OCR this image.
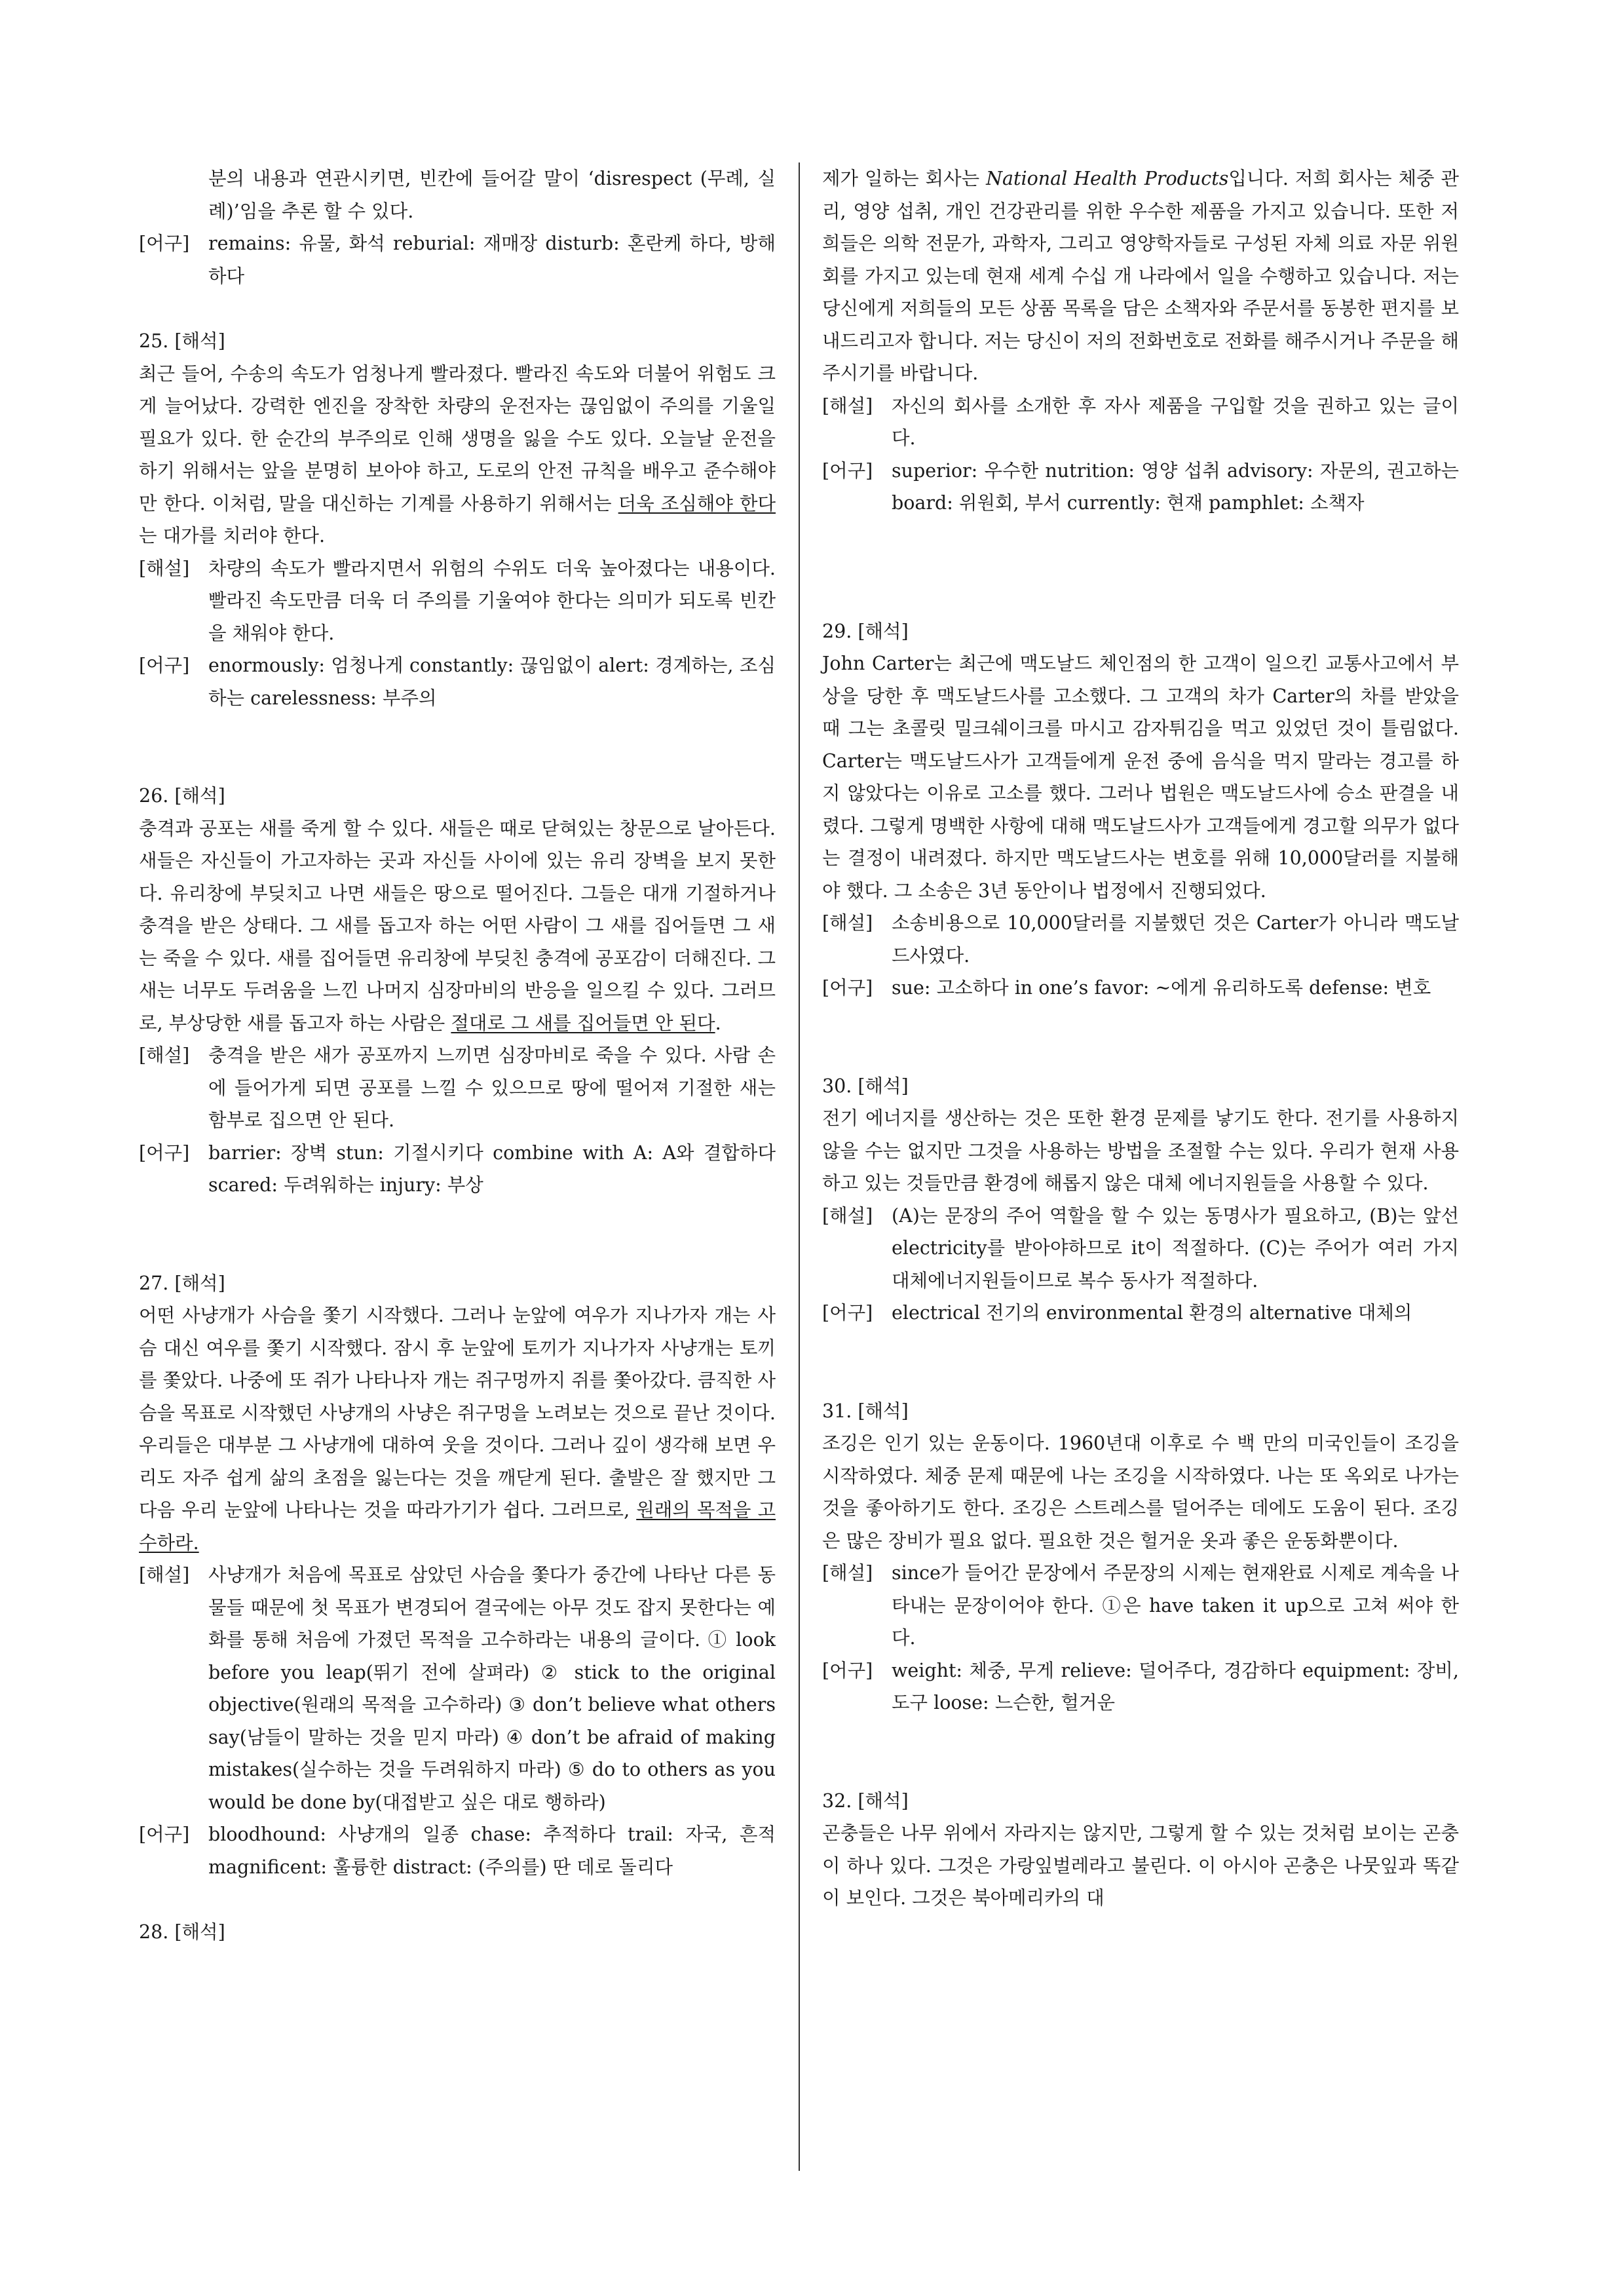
분의 내용과 연관시키면, 빈칸에 들어갈 말이 ‘disrespect (무례, 실례)’임을 추론 할 수 있다.
[어구] remains: 유물, 화석 reburial: 재매장 disturb: 혼란케 하다, 방해하다
25. [해석]
최근 들어, 수송의 속도가 엄청나게 빨라졌다. 빨라진 속도와 더불어 위험도 크게 늘어났다. 강력한 엔진을 장착한 차량의 운전자는 끊임없이 주의를 기울일 필요가 있다. 한 순간의 부주의로 인해 생명을 잃을 수도 있다. 오늘날 운전을 하기 위해서는 앞을 분명히 보아야 하고, 도로의 안전 규칙을 배우고 준수해야만 한다. 이처럼, 말을 대신하는 기계를 사용하기 위해서는 더욱 조심해야 한다는 대가를 치러야 한다.
[해설] 차량의 속도가 빨라지면서 위험의 수위도 더욱 높아졌다는 내용이다. 빨라진 속도만큼 더욱 더 주의를 기울여야 한다는 의미가 되도록 빈칸을 채워야 한다.
[어구] enormously: 엄청나게 constantly: 끊임없이 alert: 경계하는, 조심하는 carelessness: 부주의
26. [해석]
충격과 공포는 새를 죽게 할 수 있다. 새들은 때로 닫혀있는 창문으로 날아든다. 새들은 자신들이 가고자하는 곳과 자신들 사이에 있는 유리 장벽을 보지 못한다. 유리창에 부딪치고 나면 새들은 땅으로 떨어진다. 그들은 대개 기절하거나 충격을 받은 상태다. 그 새를 돕고자 하는 어떤 사람이 그 새를 집어들면 그 새는 죽을 수 있다. 새를 집어들면 유리창에 부딪친 충격에 공포감이 더해진다. 그 새는 너무도 두려움을 느낀 나머지 심장마비의 반응을 일으킬 수 있다. 그러므로, 부상당한 새를 돕고자 하는 사람은 절대로 그 새를 집어들면 안 된다.
[해설] 충격을 받은 새가 공포까지 느끼면 심장마비로 죽을 수 있다. 사람 손에 들어가게 되면 공포를 느낄 수 있으므로 땅에 떨어져 기절한 새는 함부로 집으면 안 된다.
[어구] barrier: 장벽 stun: 기절시키다 combine with A: A와 결합하다 scared: 두려워하는 injury: 부상
27. [해석]
어떤 사냥개가 사슴을 쫓기 시작했다. 그러나 눈앞에 여우가 지나가자 개는 사슴 대신 여우를 쫓기 시작했다. 잠시 후 눈앞에 토끼가 지나가자 사냥개는 토끼를 쫓았다. 나중에 또 쥐가 나타나자 개는 쥐구멍까지 쥐를 쫓아갔다. 큼직한 사슴을 목표로 시작했던 사냥개의 사냥은 쥐구멍을 노려보는 것으로 끝난 것이다. 우리들은 대부분 그 사냥개에 대하여 웃을 것이다. 그러나 깊이 생각해 보면 우리도 자주 쉽게 삶의 초점을 잃는다는 것을 깨닫게 된다. 출발은 잘 했지만 그 다음 우리 눈앞에 나타나는 것을 따라가기가 쉽다. 그러므로, 원래의 목적을 고수하라.
[해설] 사냥개가 처음에 목표로 삼았던 사슴을 쫓다가 중간에 나타난 다른 동물들 때문에 첫 목표가 변경되어 결국에는 아무 것도 잡지 못한다는 예화를 통해 처음에 가졌던 목적을 고수하라는 내용의 글이다. ① look before you leap(뛰기 전에 살펴라) ② stick to the original objective(원래의 목적을 고수하라) ③ don’t believe what others say(남들이 말하는 것을 믿지 마라) ④ don’t be afraid of making mistakes(실수하는 것을 두려워하지 마라) ⑤ do to others as you would be done by(대접받고 싶은 대로 행하라)
[어구] bloodhound: 사냥개의 일종 chase: 추적하다 trail: 자국, 흔적 magnificent: 훌륭한 distract: (주의를) 딴 데로 돌리다
28. [해석]
제가 일하는 회사는 National Health Products입니다. 저희 회사는 체중 관리, 영양 섭취, 개인 건강관리를 위한 우수한 제품을 가지고 있습니다. 또한 저희들은 의학 전문가, 과학자, 그리고 영양학자들로 구성된 자체 의료 자문 위원회를 가지고 있는데 현재 세계 수십 개 나라에서 일을 수행하고 있습니다. 저는 당신에게 저희들의 모든 상품 목록을 담은 소책자와 주문서를 동봉한 편지를 보내드리고자 합니다. 저는 당신이 저의 전화번호로 전화를 해주시거나 주문을 해주시기를 바랍니다.
[해설] 자신의 회사를 소개한 후 자사 제품을 구입할 것을 권하고 있는 글이다.
[어구] superior: 우수한 nutrition: 영양 섭취 advisory: 자문의, 권고하는 board: 위원회, 부서 currently: 현재 pamphlet: 소책자
29. [해석]
John Carter는 최근에 맥도날드 체인점의 한 고객이 일으킨 교통사고에서 부상을 당한 후 맥도날드사를 고소했다. 그 고객의 차가 Carter의 차를 받았을 때 그는 초콜릿 밀크쉐이크를 마시고 감자튀김을 먹고 있었던 것이 틀림없다. Carter는 맥도날드사가 고객들에게 운전 중에 음식을 먹지 말라는 경고를 하지 않았다는 이유로 고소를 했다. 그러나 법원은 맥도날드사에 승소 판결을 내렸다. 그렇게 명백한 사항에 대해 맥도날드사가 고객들에게 경고할 의무가 없다는 결정이 내려졌다. 하지만 맥도날드사는 변호를 위해 10,000달러를 지불해야 했다. 그 소송은 3년 동안이나 법정에서 진행되었다.
[해설] 소송비용으로 10,000달러를 지불했던 것은 Carter가 아니라 맥도날드사였다.
[어구] sue: 고소하다 in one’s favor: ~에게 유리하도록 defense: 변호
30. [해석]
전기 에너지를 생산하는 것은 또한 환경 문제를 낳기도 한다. 전기를 사용하지 않을 수는 없지만 그것을 사용하는 방법을 조절할 수는 있다. 우리가 현재 사용하고 있는 것들만큼 환경에 해롭지 않은 대체 에너지원들을 사용할 수 있다.
[해설] (A)는 문장의 주어 역할을 할 수 있는 동명사가 필요하고, (B)는 앞선 electricity를 받아야하므로 it이 적절하다. (C)는 주어가 여러 가지 대체에너지원들이므로 복수 동사가 적절하다.
[어구] electrical 전기의 environmental 환경의 alternative 대체의
31. [해석]
조깅은 인기 있는 운동이다. 1960년대 이후로 수 백 만의 미국인들이 조깅을 시작하였다. 체중 문제 때문에 나는 조깅을 시작하였다. 나는 또 옥외로 나가는 것을 좋아하기도 한다. 조깅은 스트레스를 덜어주는 데에도 도움이 된다. 조깅은 많은 장비가 필요 없다. 필요한 것은 헐거운 옷과 좋은 운동화뿐이다.
[해설] since가 들어간 문장에서 주문장의 시제는 현재완료 시제로 계속을 나타내는 문장이어야 한다. ①은 have taken it up으로 고쳐 써야 한다.
[어구] weight: 체중, 무게 relieve: 덜어주다, 경감하다 equipment: 장비, 도구 loose: 느슨한, 헐거운
32. [해석]
곤충들은 나무 위에서 자라지는 않지만, 그렇게 할 수 있는 것처럼 보이는 곤충이 하나 있다. 그것은 가랑잎벌레라고 불린다. 이 아시아 곤충은 나뭇잎과 똑같이 보인다. 그것은 북아메리카의 대
